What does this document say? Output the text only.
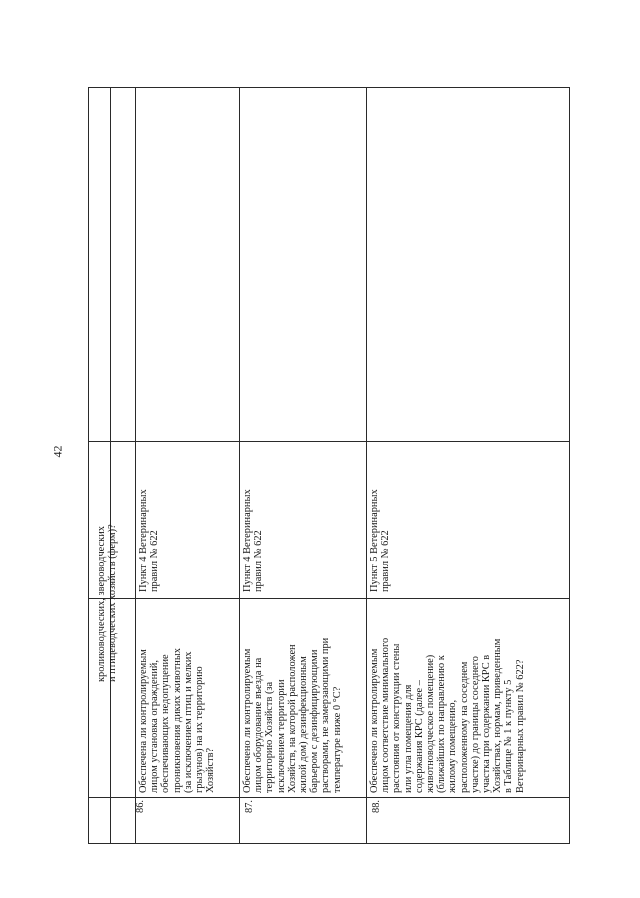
42
кролиководческих, звероводческих и птицеводческих хозяйств (ферм)?
86.
Обеспечена ли контролируемым лицом установка ограждений, обеспечивающих недопущение проникновения диких животных (за исключением птиц и мелких грызунов) на их территорию Хозяйств?
Пункт 4 Ветеринарных правил № 622
87.
Обеспечено ли контролируемым лицом оборудование въезда на территорию Хозяйств (за исключением территории Хозяйств, на которой расположен жилой дом) дезинфекционным барьером с дезинфицирующими растворами, не замерзающими при температуре ниже 0 °С?
Пункт 4 Ветеринарных правил № 622
88.
Обеспечено ли контролируемым лицом соответствие минимального расстояния от конструкции стены или угла помещения для содержания КРС (далее – животноводческое помещение) (ближайших по направлению к жилому помещению, расположенному на соседнем участке) до границы соседнего участка при содержании КРС в Хозяйствах, нормам, приведенным в Таблице № 1 к пункту 5 Ветеринарных правил № 622?
Пункт 5 Ветеринарных правил № 622
